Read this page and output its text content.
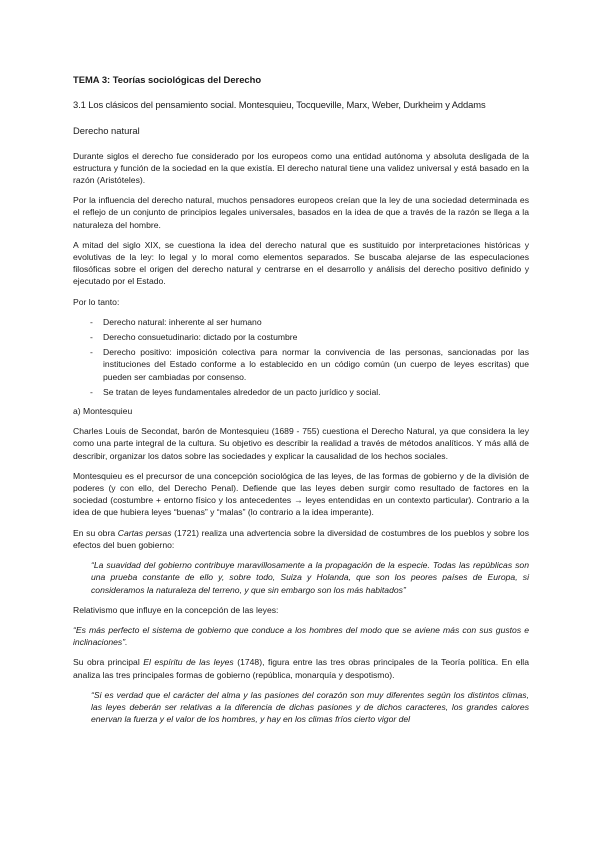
TEMA 3: Teorías sociológicas del Derecho
3.1 Los clásicos del pensamiento social. Montesquieu, Tocqueville, Marx, Weber, Durkheim y Addams
Derecho natural

Durante siglos el derecho fue considerado por los europeos como una entidad autónoma y absoluta desligada de la estructura y función de la sociedad en la que existía. El derecho natural tiene una validez universal y está basado en la razón (Aristóteles).

Por la influencia del derecho natural, muchos pensadores europeos creían que la ley de una sociedad determinada es el reflejo de un conjunto de principios legales universales, basados en la idea de que a través de la razón se llega a la naturaleza del hombre.

A mitad del siglo XIX, se cuestiona la idea del derecho natural que es sustituido por interpretaciones históricas y evolutivas de la ley: lo legal y lo moral como elementos separados. Se buscaba alejarse de las especulaciones filosóficas sobre el origen del derecho natural y centrarse en el desarrollo y análisis del derecho positivo definido y ejecutado por el Estado.

Por lo tanto:

- Derecho natural: inherente al ser humano
- Derecho consuetudinario: dictado por la costumbre
- Derecho positivo: imposición colectiva para normar la convivencia de las personas, sancionadas por las instituciones del Estado conforme a lo establecido en un código común (un cuerpo de leyes escritas) que pueden ser cambiadas por consenso.
- Se tratan de leyes fundamentales alrededor de un pacto jurídico y social.

a) Montesquieu

Charles Louis de Secondat, barón de Montesquieu (1689 - 755) cuestiona el Derecho Natural, ya que considera la ley como una parte integral de la cultura. Su objetivo es describir la realidad a través de métodos analíticos. Y más allá de describir, organizar los datos sobre las sociedades y explicar la causalidad de los hechos sociales.

Montesquieu es el precursor de una concepción sociológica de las leyes, de las formas de gobierno y de la división de poderes (y con ello, del Derecho Penal). Defiende que las leyes deben surgir como resultado de factores en la sociedad (costumbre + entorno físico y los antecedentes → leyes entendidas en un contexto particular). Contrario a la idea de que hubiera leyes “buenas” y “malas” (lo contrario a la idea imperante).

En su obra Cartas persas (1721) realiza una advertencia sobre la diversidad de costumbres de los pueblos y sobre los efectos del buen gobierno:

“La suavidad del gobierno contribuye maravillosamente a la propagación de la especie. Todas las repúblicas son una prueba constante de ello y, sobre todo, Suiza y Holanda, que son los peores países de Europa, si consideramos la naturaleza del terreno, y que sin embargo son los más habitados”

Relativismo que influye en la concepción de las leyes:

“Es más perfecto el sistema de gobierno que conduce a los hombres del modo que se aviene más con sus gustos e inclinaciones”.

Su obra principal El espíritu de las leyes (1748), figura entre las tres obras principales de la Teoría política. En ella analiza las tres principales formas de gobierno (república, monarquía y despotismo).

“Si es verdad que el carácter del alma y las pasiones del corazón son muy diferentes según los distintos climas, las leyes deberán ser relativas a la diferencia de dichas pasiones y de dichos caracteres, los grandes calores enervan la fuerza y el valor de los hombres, y hay en los climas fríos cierto vigor del
